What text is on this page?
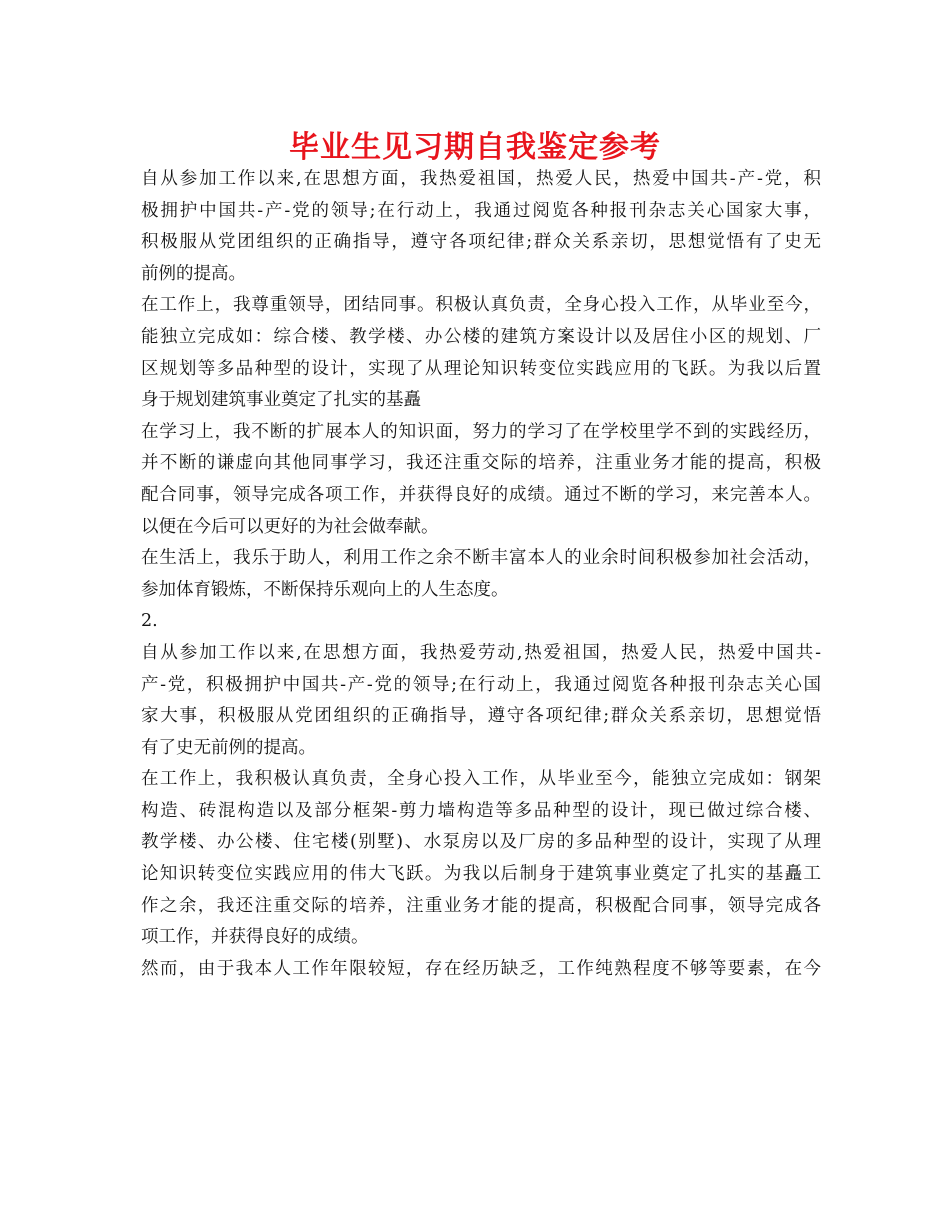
毕业生见习期自我鉴定参考
自从参加工作以来,在思想方面，我热爱祖国，热爱人民，热爱中国共-产-党，积
极拥护中国共-产-党的领导;在行动上，我通过阅览各种报刊杂志关心国家大事，
积极服从党团组织的正确指导，遵守各项纪律;群众关系亲切，思想觉悟有了史无
前例的提高。
在工作上，我尊重领导，团结同事。积极认真负责，全身心投入工作，从毕业至今，
能独立完成如：综合楼、教学楼、办公楼的建筑方案设计以及居住小区的规划、厂
区规划等多品种型的设计，实现了从理论知识转变位实践应用的飞跃。为我以后置
身于规划建筑事业奠定了扎实的基矗
在学习上，我不断的扩展本人的知识面，努力的学习了在学校里学不到的实践经历，
并不断的谦虚向其他同事学习，我还注重交际的培养，注重业务才能的提高，积极
配合同事，领导完成各项工作，并获得良好的成绩。通过不断的学习，来完善本人。
以便在今后可以更好的为社会做奉献。
在生活上，我乐于助人，利用工作之余不断丰富本人的业余时间积极参加社会活动，
参加体育锻炼，不断保持乐观向上的人生态度。
2.
自从参加工作以来,在思想方面，我热爱劳动,热爱祖国，热爱人民，热爱中国共-
产-党，积极拥护中国共-产-党的领导;在行动上，我通过阅览各种报刊杂志关心国
家大事，积极服从党团组织的正确指导，遵守各项纪律;群众关系亲切，思想觉悟
有了史无前例的提高。
在工作上，我积极认真负责，全身心投入工作，从毕业至今，能独立完成如：钢架
构造、砖混构造以及部分框架-剪力墙构造等多品种型的设计，现已做过综合楼、
教学楼、办公楼、住宅楼(别墅)、水泵房以及厂房的多品种型的设计，实现了从理
论知识转变位实践应用的伟大飞跃。为我以后制身于建筑事业奠定了扎实的基矗工
作之余，我还注重交际的培养，注重业务才能的提高，积极配合同事，领导完成各
项工作，并获得良好的成绩。
然而，由于我本人工作年限较短，存在经历缺乏，工作纯熟程度不够等要素，在今
